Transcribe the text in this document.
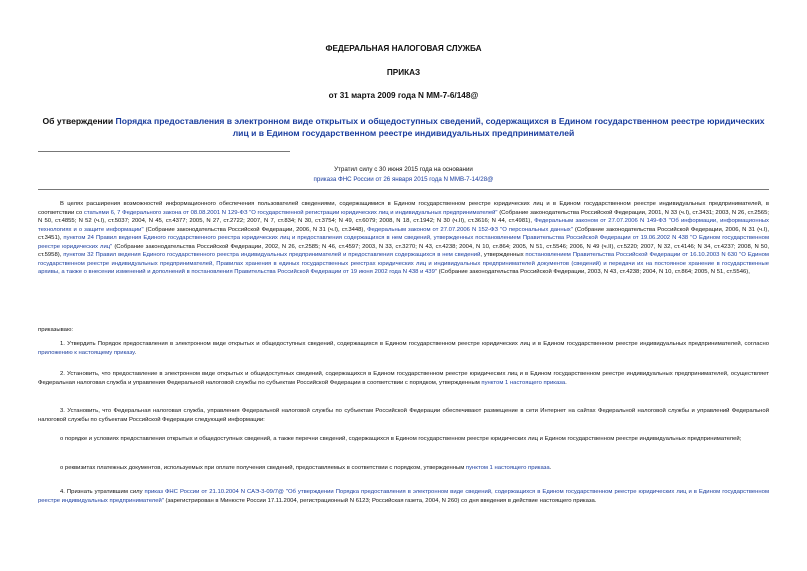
ФЕДЕРАЛЬНАЯ НАЛОГОВАЯ СЛУЖБА
ПРИКАЗ
от 31 марта 2009 года N ММ-7-6/148@
Об утверждении Порядка предоставления в электронном виде открытых и общедоступных сведений, содержащихся в Едином государственном реестре юридических лиц и в Едином государственном реестре индивидуальных предпринимателей
Утратил силу с 30 июня 2015 года на основании
приказа ФНС России от 26 января 2015 года N ММВ-7-14/28@

В целях расширения возможностей информационного обеспечения пользователей сведениями, содержащимися в Едином государственном реестре юридических лиц и в Едином государственном реестре индивидуальных предпринимателей, в соответствии со статьями 6, 7 Федерального закона от 08.08.2001 N 129-ФЗ "О государственной регистрации юридических лиц и индивидуальных предпринимателей" (Собрание законодательства Российской Федерации, 2001, N 33 (ч.I), ст.3431; 2003, N 26, ст.2565; N 50, ст.4855; N 52 (ч.I), ст.5037; 2004, N 45, ст.4377; 2005, N 27, ст.2722; 2007, N 7, ст.834; N 30, ст.3754; N 49, ст.6079; 2008, N 18, ст.1942; N 30 (ч.II), ст.3616; N 44, ст.4981), Федеральным законом от 27.07.2006 N 149-ФЗ "Об информации, информационных технологиях и о защите информации" (Собрание законодательства Российской Федерации, 2006, N 31 (ч.I), ст.3448), Федеральным законом от 27.07.2006 N 152-ФЗ "О персональных данных" (Собрание законодательства Российской Федерации, 2006, N 31 (ч.I), ст.3451), пунктом 24 Правил ведения Единого государственного реестра юридических лиц и предоставления содержащихся в нем сведений, утвержденных постановлением Правительства Российской Федерации от 19.06.2002 N 438 "О Едином государственном реестре юридических лиц" (Собрание законодательства Российской Федерации, 2002, N 26, ст.2585; N 46, ст.4597; 2003, N 33, ст.3270; N 43, ст.4238; 2004, N 10, ст.864; 2005, N 51, ст.5546; 2006, N 49 (ч.II), ст.5220; 2007, N 32, ст.4146; N 34, ст.4237; 2008, N 50, ст.5958), пунктом 32 Правил ведения Единого государственного реестра индивидуальных предпринимателей и предоставления содержащихся в нем сведений, утвержденных постановлением Правительства Российской Федерации от 16.10.2003 N 630 "О Едином государственном реестре индивидуальных предпринимателей, Правилах хранения в единых государственных реестрах юридических лиц и индивидуальных предпринимателей документов (сведений) и передачи их на постоянное хранение в государственные архивы, а также о внесении изменений и дополнений в постановления Правительства Российской Федерации от 19 июня 2002 года N 438 и 439" (Собрание законодательства Российской Федерации, 2003, N 43, ст.4238; 2004, N 10, ст.864; 2005, N 51, ст.5546),

приказываю:

1. Утвердить Порядок предоставления в электронном виде открытых и общедоступных сведений, содержащихся в Едином государственном реестре юридических лиц и в Едином государственном реестре индивидуальных предпринимателей, согласно приложению к настоящему приказу.

2. Установить, что предоставление в электронном виде открытых и общедоступных сведений, содержащихся в Едином государственном реестре юридических лиц и в Едином государственном реестре индивидуальных предпринимателей, осуществляет Федеральная налоговая служба и управления Федеральной налоговой службы по субъектам Российской Федерации в соответствии с порядком, утвержденным пунктом 1 настоящего приказа.

3. Установить, что Федеральная налоговая служба, управления Федеральной налоговой службы по субъектам Российской Федерации обеспечивают размещение в сети Интернет на сайтах Федеральной налоговой службы и управлений Федеральной налоговой службы по субъектам Российской Федерации следующей информации:

о порядке и условиях предоставления открытых и общедоступных сведений, а также перечни сведений, содержащихся в Едином государственном реестре юридических лиц и Едином государственном реестре индивидуальных предпринимателей;

о реквизитах платежных документов, используемых при оплате получения сведений, предоставляемых в соответствии с порядком, утвержденным пунктом 1 настоящего приказа.

4. Признать утратившим силу приказ ФНС России от 21.10.2004 N САЭ-3-09/7@ "Об утверждении Порядка предоставления в электронном виде сведений, содержащихся в Едином государственном реестре юридических лиц и в Едином государственном реестре индивидуальных предпринимателей" (зарегистрирован в Минюсте России 17.11.2004, регистрационный N 6123; Российская газета, 2004, N 260) со дня введения в действие настоящего приказа.
